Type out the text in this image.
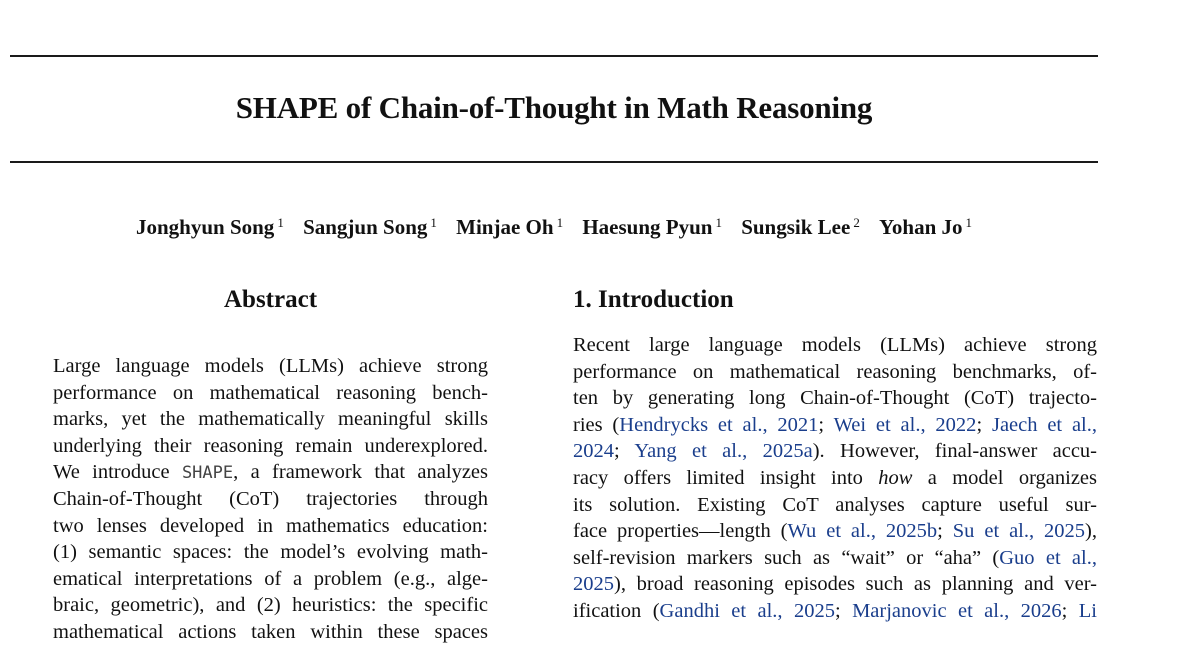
SHAPE of Chain-of-Thought in Math Reasoning
Jonghyun Song $^1$ Sangjun Song $^1$ Minjae Oh $^1$ Haesung Pyun $^1$ Sungsik Lee $^2$ Yohan Jo $^1$
Abstract
Large language models (LLMs) achieve strong
performance on mathematical reasoning bench-
marks, yet the mathematically meaningful skills
underlying their reasoning remain underexplored.
We introduce SHAPE, a framework that analyzes
Chain-of-Thought (CoT) trajectories through
two lenses developed in mathematics education:
(1) semantic spaces: the model’s evolving math-
ematical interpretations of a problem (e.g., alge-
braic, geometric), and (2) heuristics: the specific
mathematical actions taken within these spaces
1. Introduction
Recent large language models (LLMs) achieve strong
performance on mathematical reasoning benchmarks, of-
ten by generating long Chain-of-Thought (CoT) trajecto-
ries (Hendrycks et al., 2021; Wei et al., 2022; Jaech et al.,
2024; Yang et al., 2025a). However, final-answer accu-
racy offers limited insight into how a model organizes
its solution. Existing CoT analyses capture useful sur-
face properties—length (Wu et al., 2025b; Su et al., 2025),
self-revision markers such as “wait” or “aha” (Guo et al.,
2025), broad reasoning episodes such as planning and ver-
ification (Gandhi et al., 2025; Marjanovic et al., 2026; Li
